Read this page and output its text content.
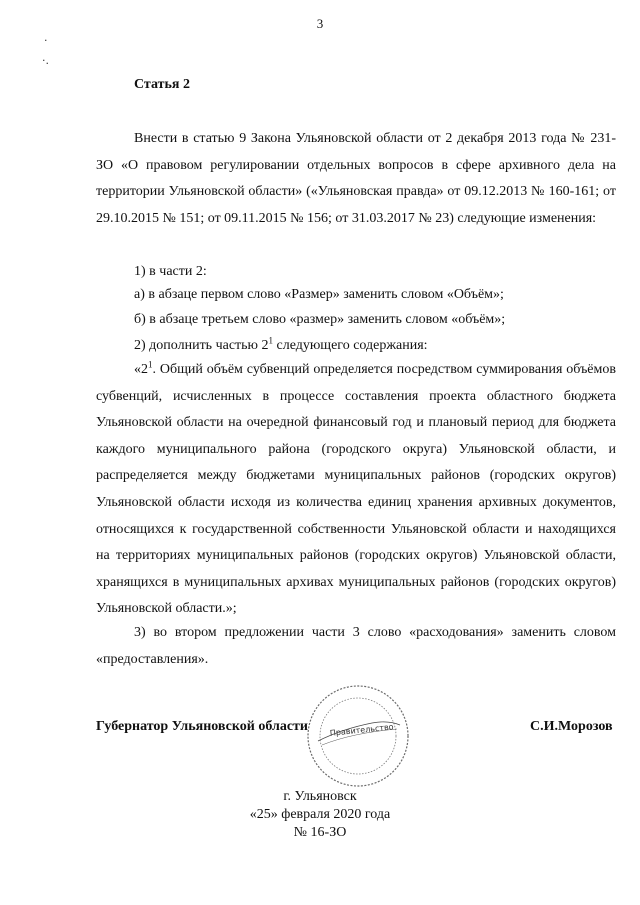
3
·
·.
Статья 2
Внести в статью 9 Закона Ульяновской области от 2 декабря 2013 года № 231-ЗО «О правовом регулировании отдельных вопросов в сфере архивного дела на территории Ульяновской области» («Ульяновская правда» от 09.12.2013 № 160-161; от 29.10.2015 № 151; от 09.11.2015 № 156; от 31.03.2017 № 23) следующие изменения:
1) в части 2:
а) в абзаце первом слово «Размер» заменить словом «Объём»;
б) в абзаце третьем слово «размер» заменить словом «объём»;
2) дополнить частью $2^1$ следующего содержания:
«$2^1$. Общий объём субвенций определяется посредством суммирования объёмов субвенций, исчисленных в процессе составления проекта областного бюджета Ульяновской области на очередной финансовый год и плановый период для бюджета каждого муниципального района (городского округа) Ульяновской области, и распределяется между бюджетами муниципальных районов (городских округов) Ульяновской области исходя из количества единиц хранения архивных документов, относящихся к государственной собственности Ульяновской области и находящихся на территориях муниципальных районов (городских округов) Ульяновской области, хранящихся в муниципальных архивах муниципальных районов (городских округов) Ульяновской области.»;
3) во втором предложении части 3 слово «расходования» заменить словом «предоставления».
Правительство
Губернатор Ульяновской области	С.И.Морозов
г. Ульяновск
«25» февраля 2020 года
№ 16-ЗО
